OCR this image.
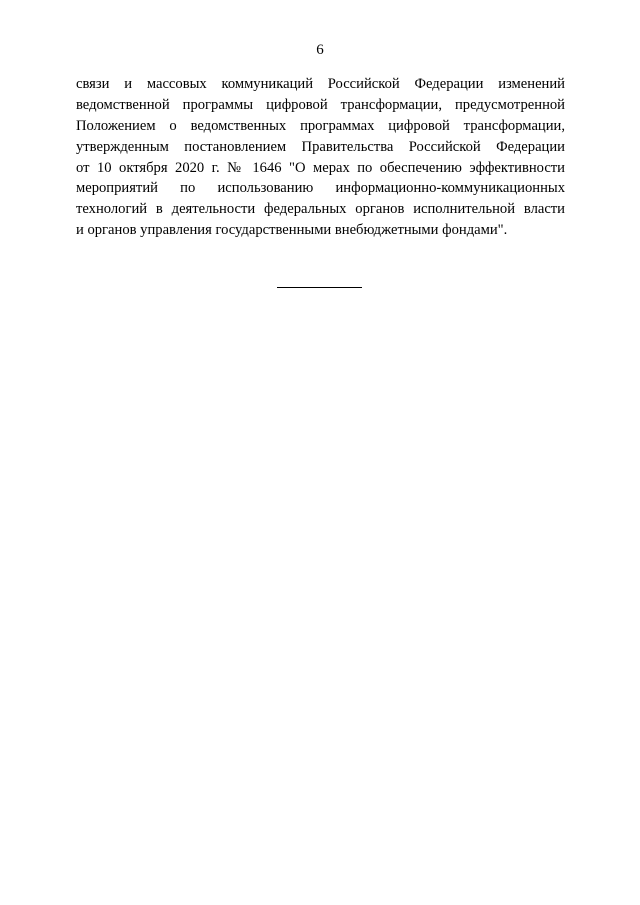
6

связи и массовых коммуникаций Российской Федерации изменений
ведомственной программы цифровой трансформации, предусмотренной
Положением о ведомственных программах цифровой трансформации,
утвержденным постановлением Правительства Российской Федерации
от 10 октября 2020 г. № 1646 "О мерах по обеспечению эффективности
мероприятий по использованию информационно-коммуникационных
технологий в деятельности федеральных органов исполнительной власти
и органов управления государственными внебюджетными фондами".
